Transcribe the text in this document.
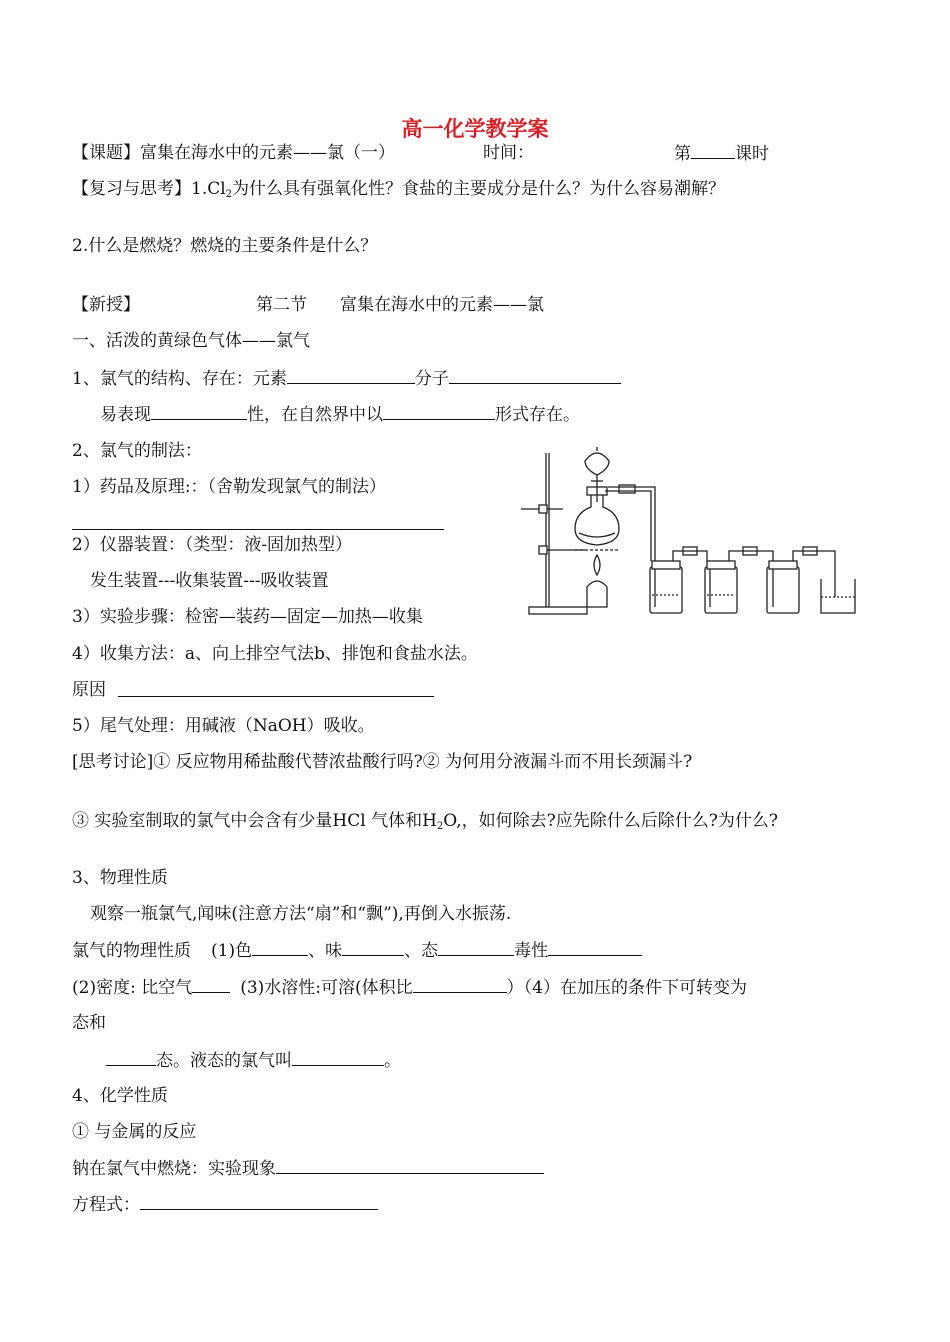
高一化学教学案
【课题】富集在海水中的元素——氯（一）	时间：	第	课时
【复习与思考】$1.Cl_2$为什么具有强氧化性？食盐的主要成分是什么？为什么容易潮解？
2.什么是燃烧？燃烧的主要条件是什么？
【新授】	第二节 富集在海水中的元素——氯
一、活泼的黄绿色气体——氯气
1、氯气的结构、存在：元素	分子
易表现	性，在自然界中以	形式存在。
2、氯气的制法：
1）药品及原理:：（舍勒发现氯气的制法）
2）仪器装置：（类型：液-固加热型）
发生装置---收集装置---吸收装置
3）实验步骤：检密—装药—固定—加热—收集
4）收集方法：a、向上排空气法b、排饱和食盐水法。
原因
5）尾气处理：用碱液（NaOH）吸收。
[思考讨论]① 反应物用稀盐酸代替浓盐酸行吗?② 为何用分液漏斗而不用长颈漏斗?
③ 实验室制取的氯气中会含有少量HCl 气体和$H_2O$,，如何除去?应先除什么后除什么?为什么?
3、物理性质
观察一瓶氯气,闻味(注意方法“扇”和“飘”),再倒入水振荡.
氯气的物理性质 (1)色	、味	、态	毒性
(2)密度: 比空气	(3)水溶性:可溶(体积比	）（4）在加压的条件下可转变为
态和
态。液态的氯气叫	。
4、化学性质
① 与金属的反应
钠在氯气中燃烧：实验现象
方程式：
